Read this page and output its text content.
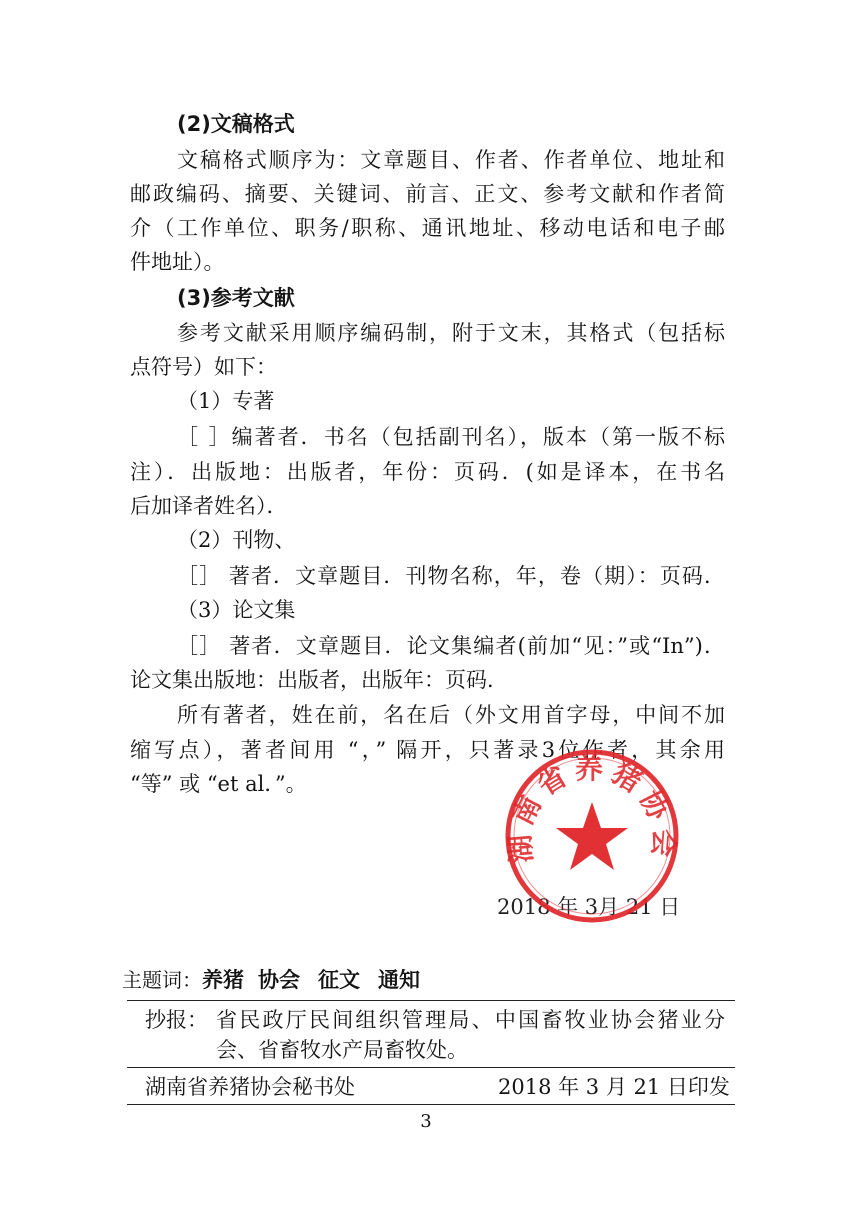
(2)文稿格式
文稿格式顺序为：文章题目、作者、作者单位、地址和
邮政编码、摘要、关键词、前言、正文、参考文献和作者简
介（工作单位、职务/职称、通讯地址、移动电话和电子邮
件地址）。
(3)参考文献
参考文献采用顺序编码制，附于文末，其格式（包括标
点符号）如下：
（1）专著
［ ］编著者．书名（包括副刊名），版本（第一版不标
注）．出版地：出版者，年份：页码．(如是译本，在书名
后加译者姓名）．
（2）刊物、
［］ 著者．文章题目．刊物名称，年，卷（期）：页码．
（3）论文集
［］ 著者．文章题目．论文集编者(前加“见：”或“In”)．
论文集出版地：出版者，出版年：页码．
所有著者，姓在前，名在后（外文用首字母，中间不加
缩写点），著者间用 “，” 隔开，只著录3位作者，其余用
“等” 或 “et al．”。
2018 年 3月 21 日
湖南省养猪协会
主题词：养猪 协会 征文 通知
抄报： 省民政厅民间组织管理局、中国畜牧业协会猪业分
会、省畜牧水产局畜牧处。
湖南省养猪协会秘书处	2018 年 3 月 21 日印发
3
